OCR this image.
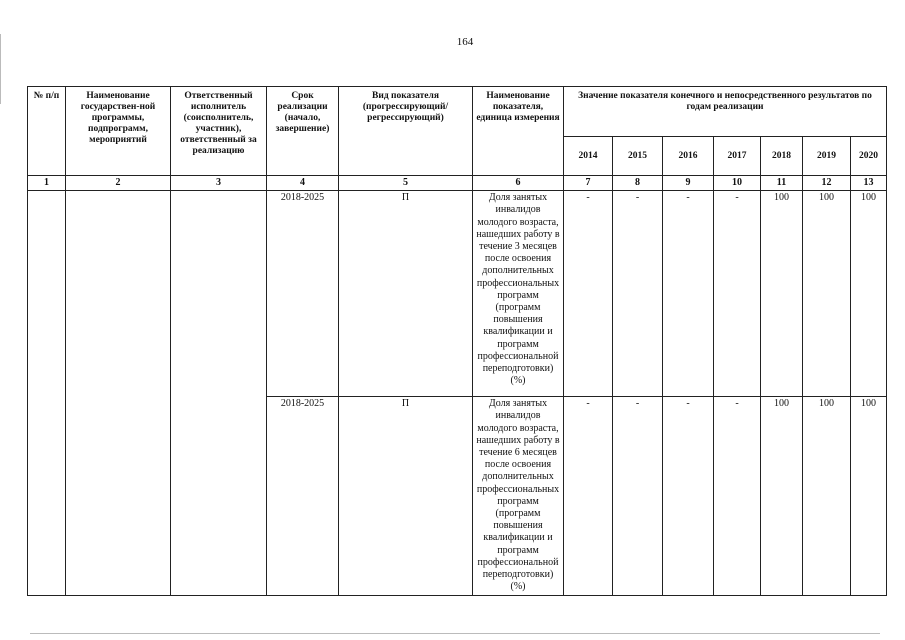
164
№ п/п	Наименование государствен-ной программы, подпрограмм, мероприятий	Ответственный исполнитель (соисполнитель, участник), ответственный за реализацию	Срок реализации (начало, завершение)	Вид показателя (прогрессирующий/ регрессирующий)	Наименование показателя, единица измерения	Значение показателя конечного и непосредственного результатов по годам реализации						
						2014	2015	2016	2017	2018	2019	2020
1	2	3	4	5	6	7	8	9	10	11	12	13
			2018-2025	П	Доля занятых инвалидов молодого возраста, нашедших работу в течение 3 месяцев после освоения дополнительных профессиональных программ (программ повышения квалификации и программ профессиональной переподготовки) (%)	-	-	-	-	100	100	100
			2018-2025	П	Доля занятых инвалидов молодого возраста, нашедших работу в течение 6 месяцев после освоения дополнительных профессиональных программ (программ повышения квалификации и программ профессиональной переподготовки) (%)	-	-	-	-	100	100	100
